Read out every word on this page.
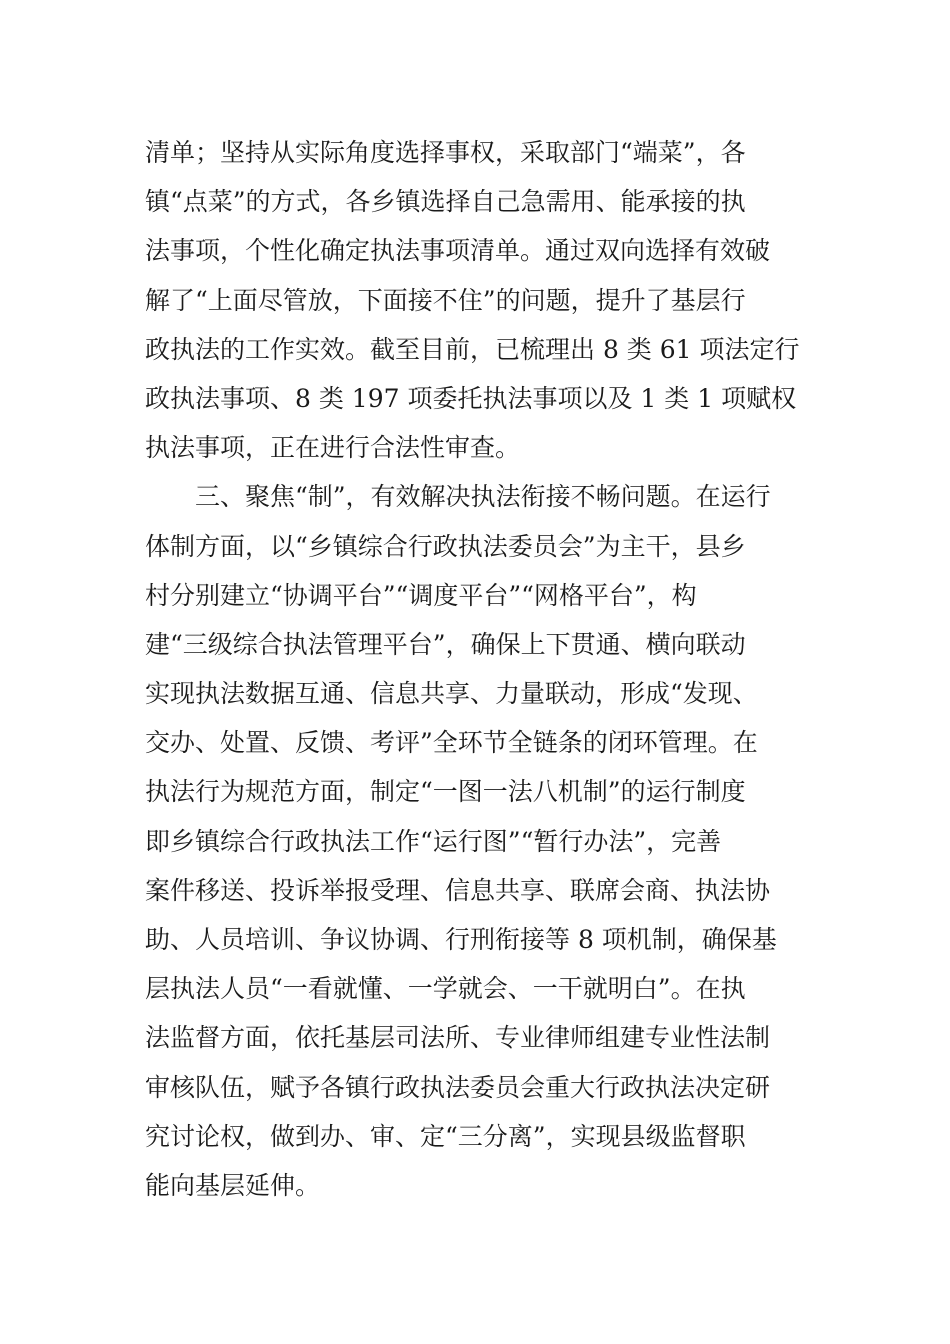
清单；坚持从实际角度选择事权，采取部门“端菜”，各
镇“点菜”的方式，各乡镇选择自己急需用、能承接的执
法事项，个性化确定执法事项清单。通过双向选择有效破
解了“上面尽管放，下面接不住”的问题，提升了基层行
政执法的工作实效。截至目前，已梳理出 8 类 61 项法定行
政执法事项、8 类 197 项委托执法事项以及 1 类 1 项赋权
执法事项，正在进行合法性审查。
三、聚焦“制”，有效解决执法衔接不畅问题。在运行
体制方面，以“乡镇综合行政执法委员会”为主干，县乡
村分别建立“协调平台”“调度平台”“网格平台”，构
建“三级综合执法管理平台”，确保上下贯通、横向联动
实现执法数据互通、信息共享、力量联动，形成“发现、
交办、处置、反馈、考评”全环节全链条的闭环管理。在
执法行为规范方面，制定“一图一法八机制”的运行制度
即乡镇综合行政执法工作“运行图”“暂行办法”，完善
案件移送、投诉举报受理、信息共享、联席会商、执法协
助、人员培训、争议协调、行刑衔接等 8 项机制，确保基
层执法人员“一看就懂、一学就会、一干就明白”。在执
法监督方面，依托基层司法所、专业律师组建专业性法制
审核队伍，赋予各镇行政执法委员会重大行政执法决定研
究讨论权，做到办、审、定“三分离”，实现县级监督职
能向基层延伸。
